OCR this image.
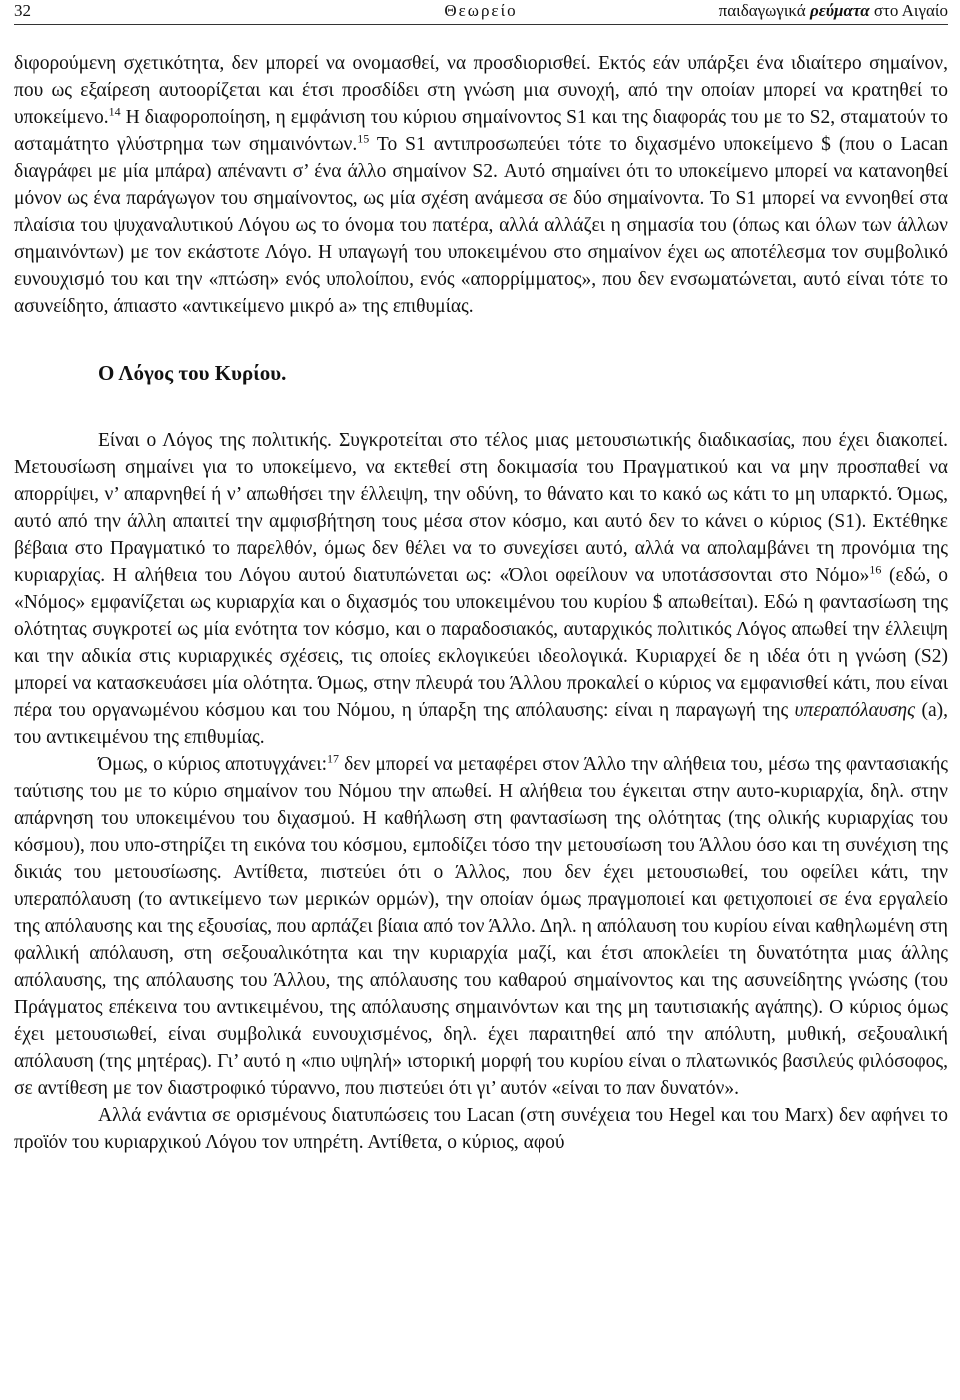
32	Θεωρείο	παιδαγωγικά ρεύματα στο Αιγαίο

διφορούμενη σχετικότητα, δεν μπορεί να ονομασθεί, να προσδιορισθεί. Εκτός εάν υπάρξει ένα ιδιαίτερο σημαίνον, που ως εξαίρεση αυτοορίζεται και έτσι προσδίδει στη γνώση μια συνοχή, από την οποίαν μπορεί να κρατηθεί το υποκείμενο.$^{14}$ Η διαφοροποίηση, η εμφάνιση του κύριου σημαίνοντος S1 και της διαφοράς του με το S2, σταματούν το ασταμάτητο γλύστρημα των σημαινόντων.$^{15}$ Το S1 αντιπροσωπεύει τότε το διχασμένο υποκείμενο $ (που ο Lacan διαγράφει με μία μπάρα) απέναντι σ’ ένα άλλο σημαίνον S2. Αυτό σημαίνει ότι το υποκείμενο μπορεί να κατανοηθεί μόνον ως ένα παράγωγον του σημαίνοντος, ως μία σχέση ανάμεσα σε δύο σημαίνοντα. Το S1 μπορεί να εννοηθεί στα πλαίσια του ψυχαναλυτικού Λόγου ως το όνομα του πατέρα, αλλά αλλάζει η σημασία του (όπως και όλων των άλλων σημαινόντων) με τον εκάστοτε Λόγο. Η υπαγωγή του υποκειμένου στο σημαίνον έχει ως αποτέλεσμα τον συμβολικό ευνουχισμό του και την «πτώση» ενός υπολοίπου, ενός «απορρίμματος», που δεν ενσωματώνεται, αυτό είναι τότε το ασυνείδητο, άπιαστο «αντικείμενο μικρό a» της επιθυμίας.

Ο Λόγος του Κυρίου.

Είναι ο Λόγος της πολιτικής. Συγκροτείται στο τέλος μιας μετουσιωτικής διαδικασίας, που έχει διακοπεί. Μετουσίωση σημαίνει για το υποκείμενο, να εκτεθεί στη δοκιμασία του Πραγματικού και να μην προσπαθεί να απορρίψει, ν’ απαρνηθεί ή ν’ απωθήσει την έλλειψη, την οδύνη, το θάνατο και το κακό ως κάτι το μη υπαρκτό. Όμως, αυτό από την άλλη απαιτεί την αμφισβήτηση τους μέσα στον κόσμο, και αυτό δεν το κάνει ο κύριος (S1). Εκτέθηκε βέβαια στο Πραγματικό το παρελθόν, όμως δεν θέλει να το συνεχίσει αυτό, αλλά να απολαμβάνει τη προνόμια της κυριαρχίας. Η αλήθεια του Λόγου αυτού διατυπώνεται ως: «Όλοι οφείλουν να υποτάσσονται στο Νόμο»$^{16}$ (εδώ, ο «Νόμος» εμφανίζεται ως κυριαρχία και ο διχασμός του υποκειμένου του κυρίου $ απωθείται). Εδώ η φαντασίωση της ολότητας συγκροτεί ως μία ενότητα τον κόσμο, και ο παραδοσιακός, αυταρχικός πολιτικός Λόγος απωθεί την έλλειψη και την αδικία στις κυριαρχικές σχέσεις, τις οποίες εκλογικεύει ιδεολογικά. Κυριαρχεί δε η ιδέα ότι η γνώση (S2) μπορεί να κατασκευάσει μία ολότητα. Όμως, στην πλευρά του Άλλου προκαλεί ο κύριος να εμφανισθεί κάτι, που είναι πέρα του οργανωμένου κόσμου και του Νόμου, η ύπαρξη της απόλαυσης: είναι η παραγωγή της υπεραπόλαυσης (a), του αντικειμένου της επιθυμίας.

Όμως, ο κύριος αποτυγχάνει:$^{17}$ δεν μπορεί να μεταφέρει στον Άλλο την αλήθεια του, μέσω της φαντασιακής ταύτισης του με το κύριο σημαίνον του Νόμου την απωθεί. Η αλήθεια του έγκειται στην αυτο-κυριαρχία, δηλ. στην απάρνηση του υποκειμένου του διχασμού. Η καθήλωση στη φαντασίωση της ολότητας (της ολικής κυριαρχίας του κόσμου), που υπο-στηρίζει τη εικόνα του κόσμου, εμποδίζει τόσο την μετουσίωση του Άλλου όσο και τη συνέχιση της δικιάς του μετουσίωσης. Αντίθετα, πιστεύει ότι ο Άλλος, που δεν έχει μετουσιωθεί, του οφείλει κάτι, την υπεραπόλαυση (το αντικείμενο των μερικών ορμών), την οποίαν όμως πραγμοποιεί και φετιχοποιεί σε ένα εργαλείο της απόλαυσης και της εξουσίας, που αρπάζει βίαια από τον Άλλο. Δηλ. η απόλαυση του κυρίου είναι καθηλωμένη στη φαλλική απόλαυση, στη σεξουαλικότητα και την κυριαρχία μαζί, και έτσι αποκλείει τη δυνατότητα μιας άλλης απόλαυσης, της απόλαυσης του Άλλου, της απόλαυσης του καθαρού σημαίνοντος και της ασυνείδητης γνώσης (του Πράγματος επέκεινα του αντικειμένου, της απόλαυσης σημαινόντων και της μη ταυτισιακής αγάπης). Ο κύριος όμως έχει μετουσιωθεί, είναι συμβολικά ευνουχισμένος, δηλ. έχει παραιτηθεί από την απόλυτη, μυθική, σεξουαλική απόλαυση (της μητέρας). Γι’ αυτό η «πιο υψηλή» ιστορική μορφή του κυρίου είναι ο πλατωνικός βασιλεύς φιλόσοφος, σε αντίθεση με τον διαστροφικό τύραννο, που πιστεύει ότι γι’ αυτόν «είναι το παν δυνατόν».

Αλλά ενάντια σε ορισμένους διατυπώσεις του Lacan (στη συνέχεια του Hegel και του Marx) δεν αφήνει το προϊόν του κυριαρχικού Λόγου τον υπηρέτη. Αντίθετα, ο κύριος, αφού
